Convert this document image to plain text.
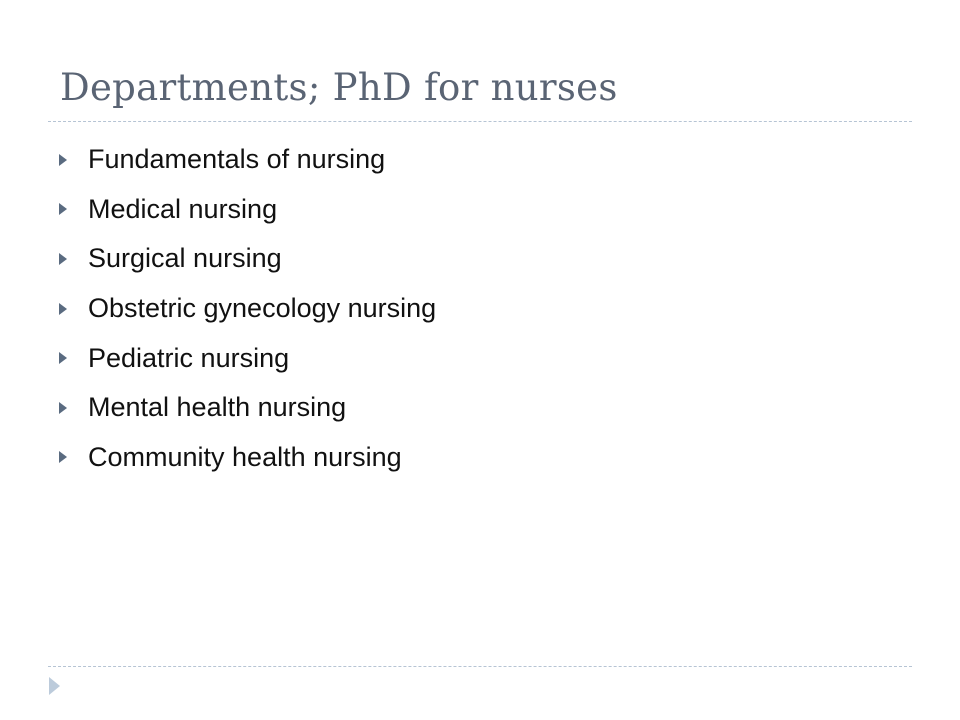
Departments; PhD for nurses
Fundamentals of nursing
Medical nursing
Surgical nursing
Obstetric gynecology nursing
Pediatric nursing
Mental health nursing
Community health nursing
